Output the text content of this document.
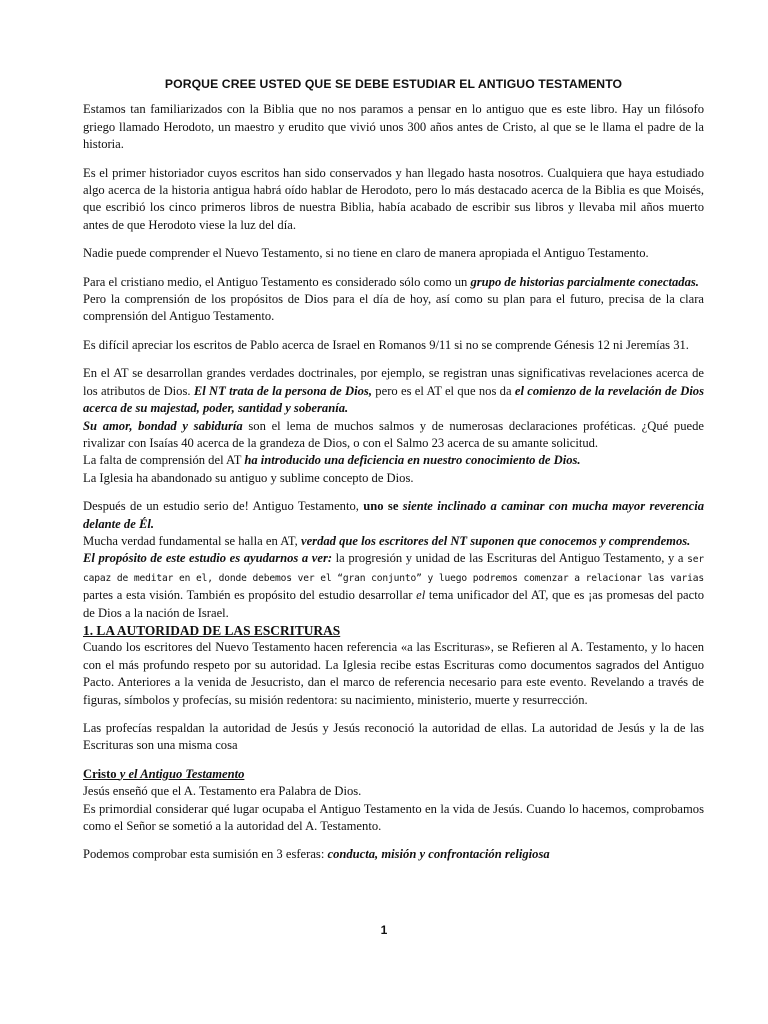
PORQUE CREE USTED QUE SE DEBE ESTUDIAR EL ANTIGUO TESTAMENTO

Estamos tan familiarizados con la Biblia que no nos paramos a pensar en lo antiguo que es este libro. Hay un filósofo griego llamado Herodoto, un maestro y erudito que vivió unos 300 años antes de Cristo, al que se le llama el padre de la historia.

Es el primer historiador cuyos escritos han sido conservados y han llegado hasta nosotros. Cualquiera que haya estudiado algo acerca de la historia antigua habrá oído hablar de Herodoto, pero lo más destacado acerca de la Biblia es que Moisés, que escribió los cinco primeros libros de nuestra Biblia, había acabado de escribir sus libros y llevaba mil años muerto antes de que Herodoto viese la luz del día.

Nadie puede comprender el Nuevo Testamento, si no tiene en claro de manera apropiada el Antiguo Testamento.

Para el cristiano medio, el Antiguo Testamento es considerado sólo como un grupo de historias parcialmente conectadas.

Pero la comprensión de los propósitos de Dios para el día de hoy, así como su plan para el futuro, precisa de la clara comprensión del Antiguo Testamento.

Es difícil apreciar los escritos de Pablo acerca de Israel en Romanos 9/11 si no se comprende Génesis 12 ni Jeremías 31.

En el AT se desarrollan grandes verdades doctrinales, por ejemplo, se registran unas significativas revelaciones acerca de los atributos de Dios. El NT trata de la persona de Dios, pero es el AT el que nos da el comienzo de la revelación de Dios acerca de su majestad, poder, santidad y soberanía.

Su amor, bondad y sabiduría son el lema de muchos salmos y de numerosas declaraciones proféticas. ¿Qué puede rivalizar con Isaías 40 acerca de la grandeza de Dios, o con el Salmo 23 acerca de su amante solicitud.

La falta de comprensión del AT ha introducido una deficiencia en nuestro conocimiento de Dios.

La Iglesia ha abandonado su antiguo y sublime concepto de Dios.

Después de un estudio serio de! Antiguo Testamento, uno se siente inclinado a caminar con mucha mayor reverencia delante de Él.

Mucha verdad fundamental se halla en AT, verdad que los escritores del NT suponen que conocemos y comprendemos.

El propósito de este estudio es ayudarnos a ver: la progresión y unidad de las Escrituras del Antiguo Testamento, y a ser capaz de meditar en el, donde debemos ver el “gran conjunto” y luego podremos comenzar a relacionar las varias partes a esta visión. También es propósito del estudio desarrollar el tema unificador del AT, que es ¡as promesas del pacto de Dios a la nación de Israel.

1. LA AUTORIDAD DE LAS ESCRITURAS

Cuando los escritores del Nuevo Testamento hacen referencia «a las Escrituras», se Refieren al A. Testamento, y lo hacen con el más profundo respeto por su autoridad. La Iglesia recibe estas Escrituras como documentos sagrados del Antiguo Pacto. Anteriores a la venida de Jesucristo, dan el marco de referencia necesario para este evento. Revelando a través de figuras, símbolos y profecías, su misión redentora: su nacimiento, ministerio, muerte y resurrección.

Las profecías respaldan la autoridad de Jesús y Jesús reconoció la autoridad de ellas. La autoridad de Jesús y la de las Escrituras son una misma cosa

Cristo y el Antiguo Testamento

Jesús enseñó que el A. Testamento era Palabra de Dios.

Es primordial considerar qué lugar ocupaba el Antiguo Testamento en la vida de Jesús. Cuando lo hacemos, comprobamos como el Señor se sometió a la autoridad del A. Testamento.

Podemos comprobar esta sumisión en 3 esferas: conducta, misión y confrontación religiosa

1
